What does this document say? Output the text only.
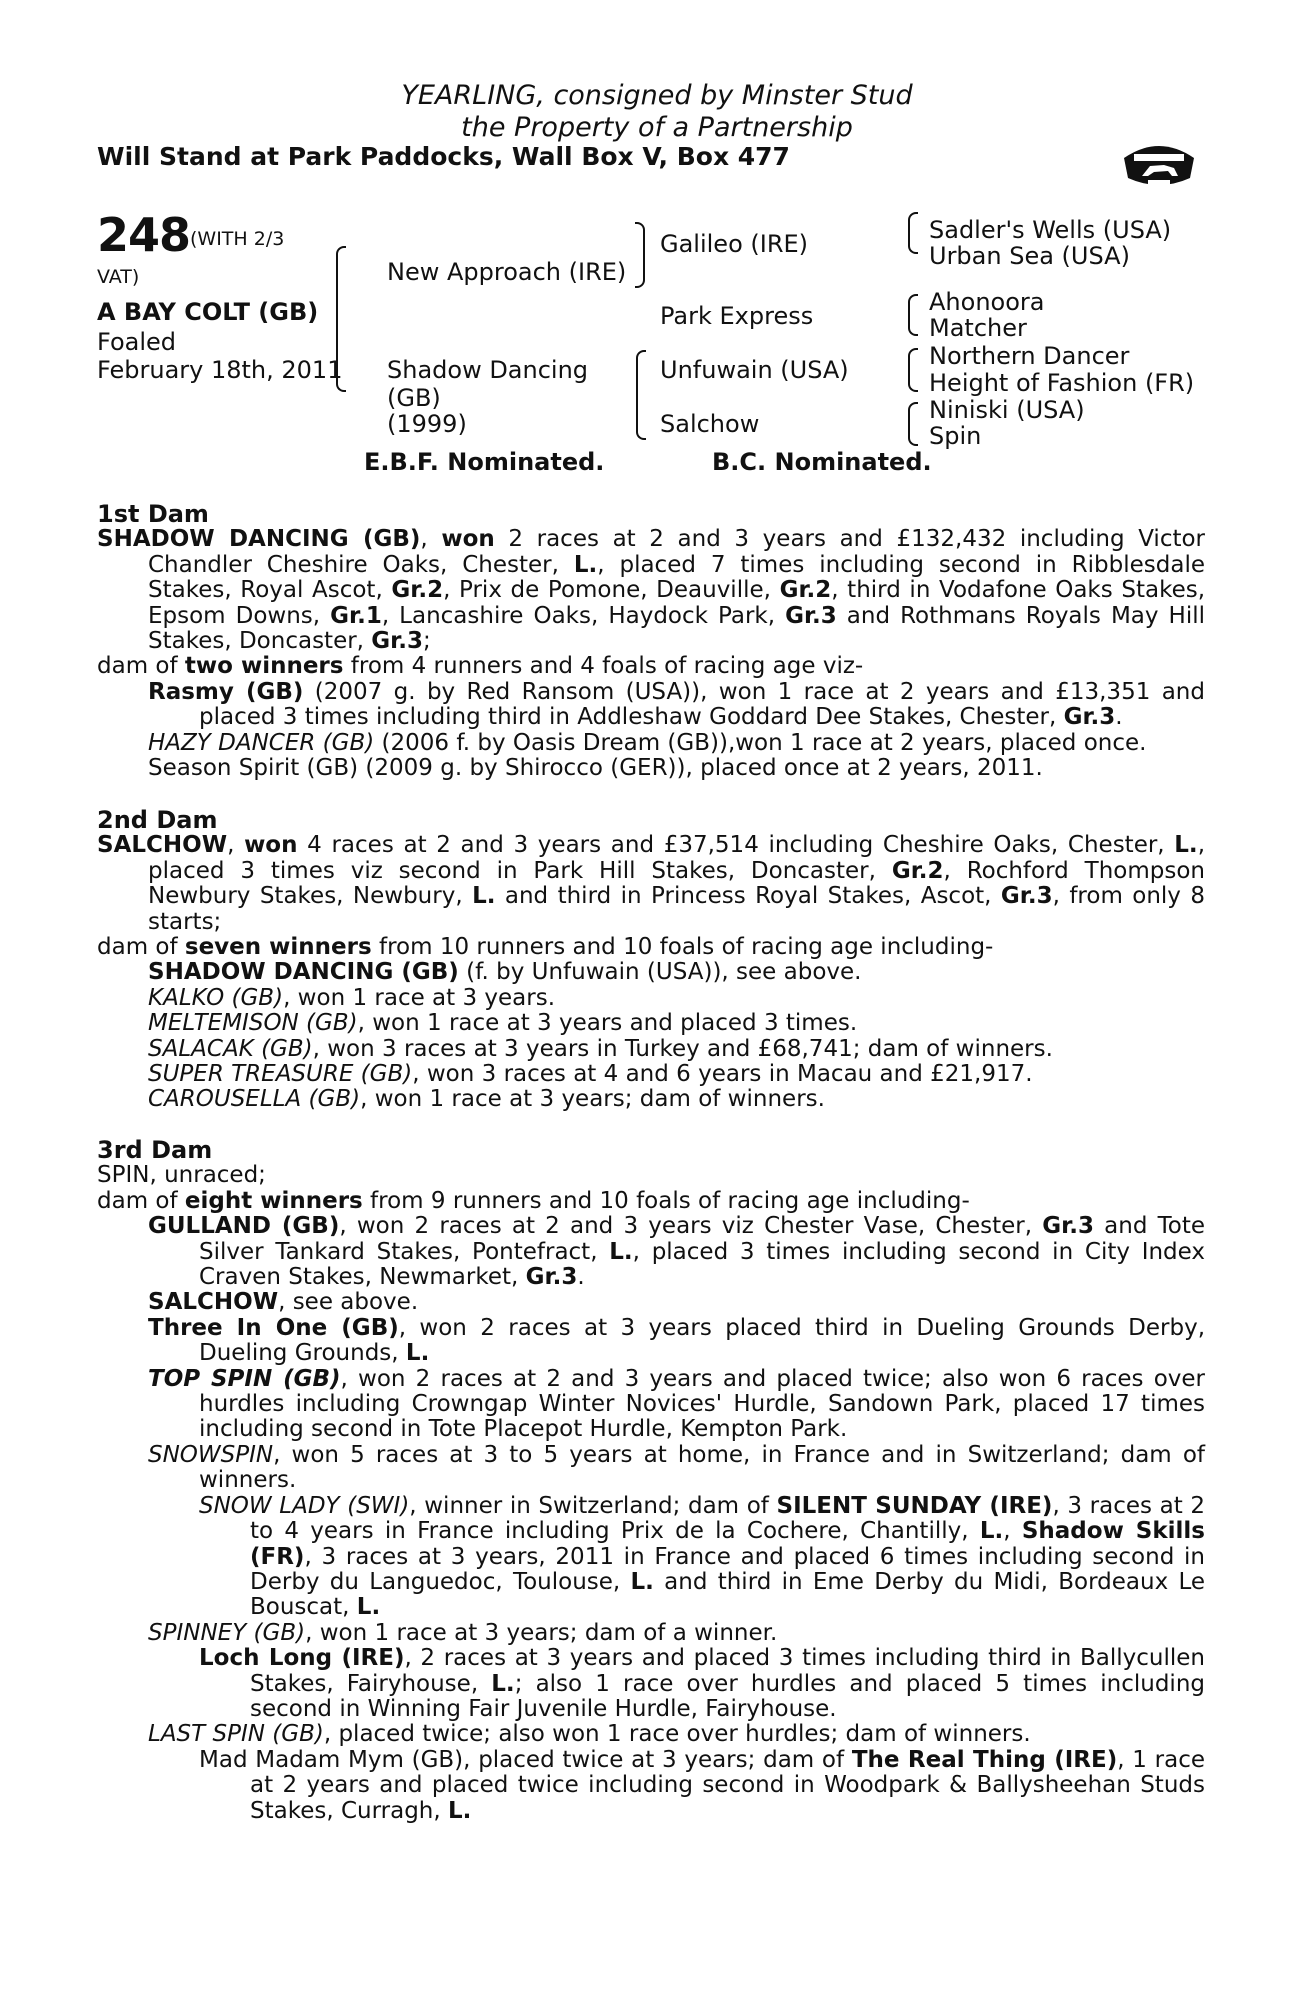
YEARLING, consigned by Minster Stud
the Property of a Partnership
Will Stand at Park Paddocks, Wall Box V, Box 477
248 (WITH 2/3
VAT)
A BAY COLT (GB)
Foaled
February 18th, 2011
New Approach (IRE)
Shadow Dancing
(GB)
(1999)
Galileo (IRE)
Park Express
Unfuwain (USA)
Salchow
Sadler's Wells (USA)
Urban Sea (USA)
Ahonoora
Matcher
Northern Dancer
Height of Fashion (FR)
Niniski (USA)
Spin
E.B.F. Nominated.	B.C. Nominated.

1st Dam

SHADOW DANCING (GB), won 2 races at 2 and 3 years and £132,432 including Victor Chandler Cheshire Oaks, Chester, L., placed 7 times including second in Ribblesdale Stakes, Royal Ascot, Gr.2, Prix de Pomone, Deauville, Gr.2, third in Vodafone Oaks Stakes, Epsom Downs, Gr.1, Lancashire Oaks, Haydock Park, Gr.3 and Rothmans Royals May Hill Stakes, Doncaster, Gr.3;

dam of two winners from 4 runners and 4 foals of racing age viz-

Rasmy (GB) (2007 g. by Red Ransom (USA)), won 1 race at 2 years and £13,351 and placed 3 times including third in Addleshaw Goddard Dee Stakes, Chester, Gr.3.

HAZY DANCER (GB) (2006 f. by Oasis Dream (GB)),won 1 race at 2 years, placed once.

Season Spirit (GB) (2009 g. by Shirocco (GER)), placed once at 2 years, 2011.

2nd Dam

SALCHOW, won 4 races at 2 and 3 years and £37,514 including Cheshire Oaks, Chester, L., placed 3 times viz second in Park Hill Stakes, Doncaster, Gr.2, Rochford Thompson Newbury Stakes, Newbury, L. and third in Princess Royal Stakes, Ascot, Gr.3, from only 8 starts;

dam of seven winners from 10 runners and 10 foals of racing age including-

SHADOW DANCING (GB) (f. by Unfuwain (USA)), see above.

KALKO (GB), won 1 race at 3 years.

MELTEMISON (GB), won 1 race at 3 years and placed 3 times.

SALACAK (GB), won 3 races at 3 years in Turkey and £68,741; dam of winners.

SUPER TREASURE (GB), won 3 races at 4 and 6 years in Macau and £21,917.

CAROUSELLA (GB), won 1 race at 3 years; dam of winners.

3rd Dam

SPIN, unraced;

dam of eight winners from 9 runners and 10 foals of racing age including-

GULLAND (GB), won 2 races at 2 and 3 years viz Chester Vase, Chester, Gr.3 and Tote Silver Tankard Stakes, Pontefract, L., placed 3 times including second in City Index Craven Stakes, Newmarket, Gr.3.

SALCHOW, see above.

Three In One (GB), won 2 races at 3 years placed third in Dueling Grounds Derby, Dueling Grounds, L.

TOP SPIN (GB), won 2 races at 2 and 3 years and placed twice; also won 6 races over hurdles including Crowngap Winter Novices' Hurdle, Sandown Park, placed 17 times including second in Tote Placepot Hurdle, Kempton Park.

SNOWSPIN, won 5 races at 3 to 5 years at home, in France and in Switzerland; dam of winners.

SNOW LADY (SWI), winner in Switzerland; dam of SILENT SUNDAY (IRE), 3 races at 2 to 4 years in France including Prix de la Cochere, Chantilly, L., Shadow Skills (FR), 3 races at 3 years, 2011 in France and placed 6 times including second in Derby du Languedoc, Toulouse, L. and third in Eme Derby du Midi, Bordeaux Le Bouscat, L.

SPINNEY (GB), won 1 race at 3 years; dam of a winner.

Loch Long (IRE), 2 races at 3 years and placed 3 times including third in Ballycullen Stakes, Fairyhouse, L.; also 1 race over hurdles and placed 5 times including second in Winning Fair Juvenile Hurdle, Fairyhouse.

LAST SPIN (GB), placed twice; also won 1 race over hurdles; dam of winners.

Mad Madam Mym (GB), placed twice at 3 years; dam of The Real Thing (IRE), 1 race at 2 years and placed twice including second in Woodpark & Ballysheehan Studs Stakes, Curragh, L.
